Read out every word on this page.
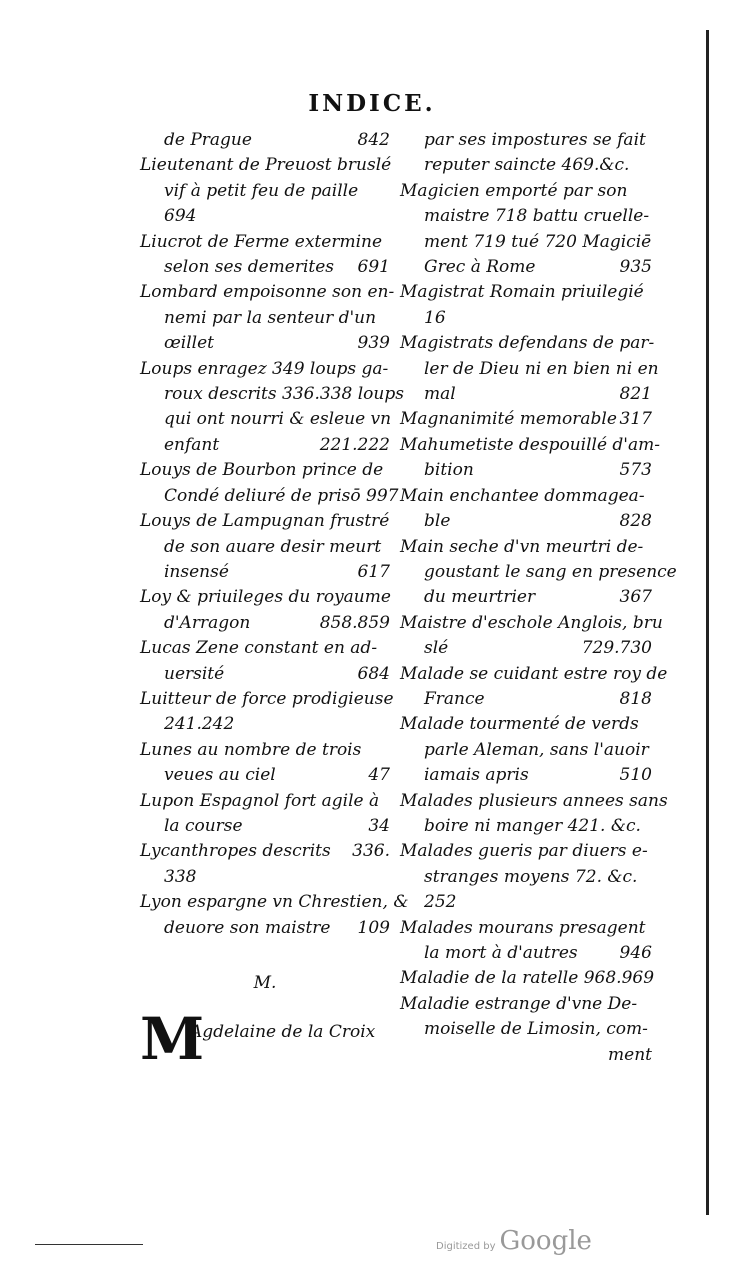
INDICE.
de Prague	842
Lieutenant de Preuost bruslé
vif à petit feu de paille
694
Liucrot de Ferme extermine
selon ses demerites 691
Lombard empoisonne son en-
nemi par la senteur d'un
œillet	939
Loups enragez 349 loups ga-
roux descrits 336.338 loups
qui ont nourri & esleue vn
enfant	221.222
Louys de Bourbon prince de
Condé deliuré de prisō 997
Louys de Lampugnan frustré
de son auare desir meurt
insensé	617
Loy & priuileges du royaume
d'Arragon	858.859
Lucas Zene constant en ad-
uersité	684
Luitteur de force prodigieuse
241.242
Lunes au nombre de trois
veues au ciel	47
Lupon Espagnol fort agile à
la course	34
Lycanthropes descrits 336.
338
Lyon espargne vn Chrestien, &
deuore son maistre 109
M.
M
Agdelaine de la Croix
par ses impostures se fait
reputer saincte 469.&c.
Magicien emporté par son
maistre 718 battu cruelle-
ment 719 tué 720 Magiciē
Grec à Rome	935
Magistrat Romain priuilegié
16
Magistrats defendans de par-
ler de Dieu ni en bien ni en
mal	821
Magnanimité memorable 317
Mahumetiste despouillé d'am-
bition	573
Main enchantee dommagea-
ble	828
Main seche d'vn meurtri de-
goustant le sang en presence
du meurtrier	367
Maistre d'eschole Anglois, bru
slé	729.730
Malade se cuidant estre roy de
France	818
Malade tourmenté de verds
parle Aleman, sans l'auoir
iamais apris	510
Malades plusieurs annees sans
boire ni manger 421. &c.
Malades gueris par diuers e-
stranges moyens 72. &c.
252
Malades mourans presagent
la mort à d'autres 946
Maladie de la ratelle 968.969
Maladie estrange d'vne De-
moiselle de Limosin, com-
ment
Digitized by Google
